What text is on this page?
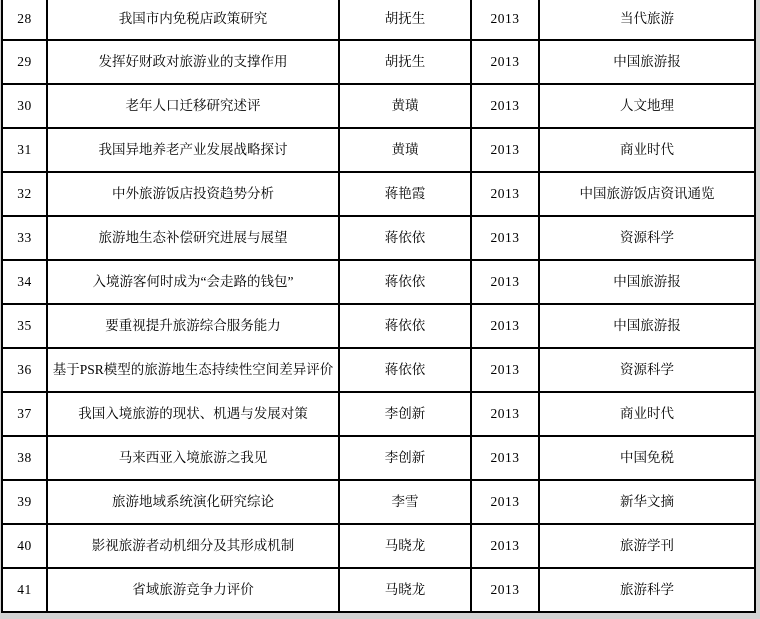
28	我国市内免税店政策研究	胡抚生	2013	当代旅游
29	发挥好财政对旅游业的支撑作用	胡抚生	2013	中国旅游报
30	老年人口迁移研究述评	黄璜	2013	人文地理
31	我国异地养老产业发展战略探讨	黄璜	2013	商业时代
32	中外旅游饭店投资趋势分析	蒋艳霞	2013	中国旅游饭店资讯通览
33	旅游地生态补偿研究进展与展望	蒋依依	2013	资源科学
34	入境游客何时成为“会走路的钱包”	蒋依依	2013	中国旅游报
35	要重视提升旅游综合服务能力	蒋依依	2013	中国旅游报
36	基于PSR模型的旅游地生态持续性空间差异评价	蒋依依	2013	资源科学
37	我国入境旅游的现状、机遇与发展对策	李创新	2013	商业时代
38	马来西亚入境旅游之我见	李创新	2013	中国免税
39	旅游地域系统演化研究综论	李雪	2013	新华文摘
40	影视旅游者动机细分及其形成机制	马晓龙	2013	旅游学刊
41	省域旅游竞争力评价	马晓龙	2013	旅游科学
